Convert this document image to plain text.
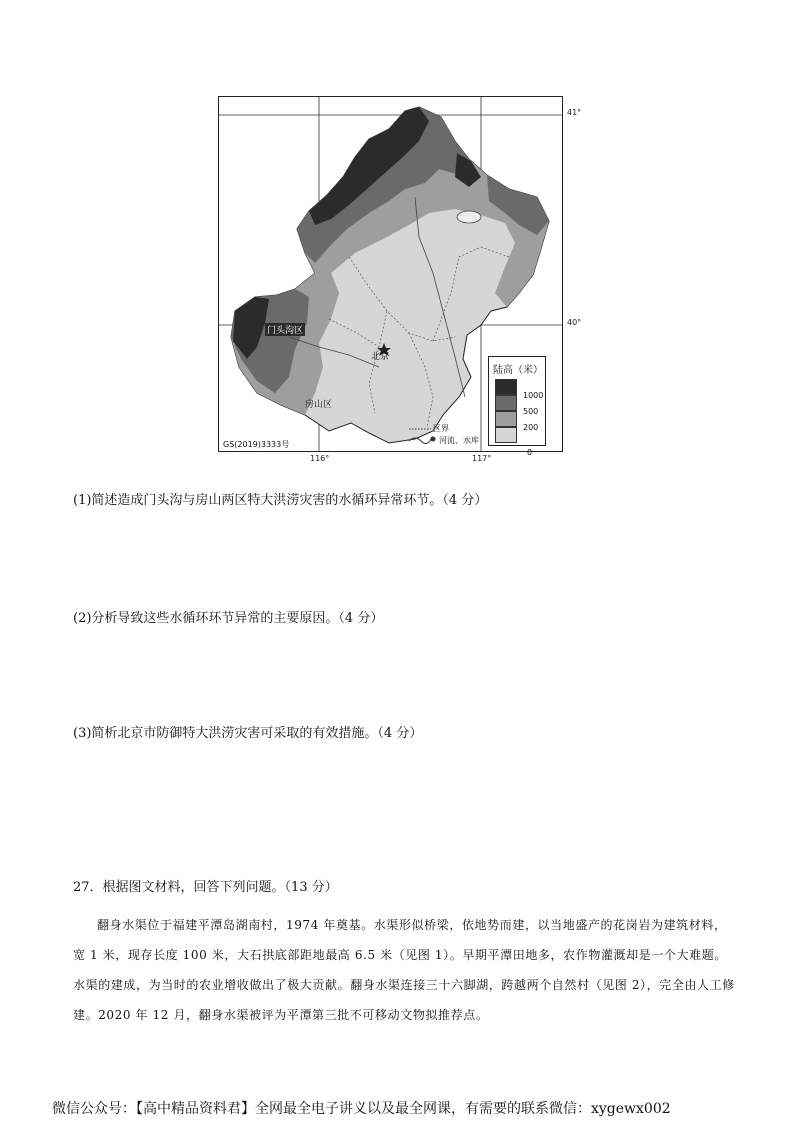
门头沟区
北京
房山区
GS(2019)3333号
区界
河流、水库
41°
40°
116°	117°
陆高（米）
1000
500
200
0
(1)简述造成门头沟与房山两区特大洪涝灾害的水循环异常环节。（4 分）
(2)分析导致这些水循环环节异常的主要原因。（4 分）
(3)简析北京市防御特大洪涝灾害可采取的有效措施。（4 分）
27．根据图文材料，回答下列问题。（13 分）
翻身水渠位于福建平潭岛湖南村，1974 年奠基。水渠形似桥梁，依地势而建，以当地盛产的花岗岩为建筑材料，宽 1 米，现存长度 100 米，大石拱底部距地最高 6.5 米（见图 1）。早期平潭田地多，农作物灌溉却是一个大难题。水渠的建成，为当时的农业增收做出了极大贡献。翻身水渠连接三十六脚湖，跨越两个自然村（见图 2），完全由人工修建。2020 年 12 月，翻身水渠被评为平潭第三批不可移动文物拟推荐点。
微信公众号：【高中精品资料君】全网最全电子讲义以及最全网课，有需要的联系微信：xygewx002
